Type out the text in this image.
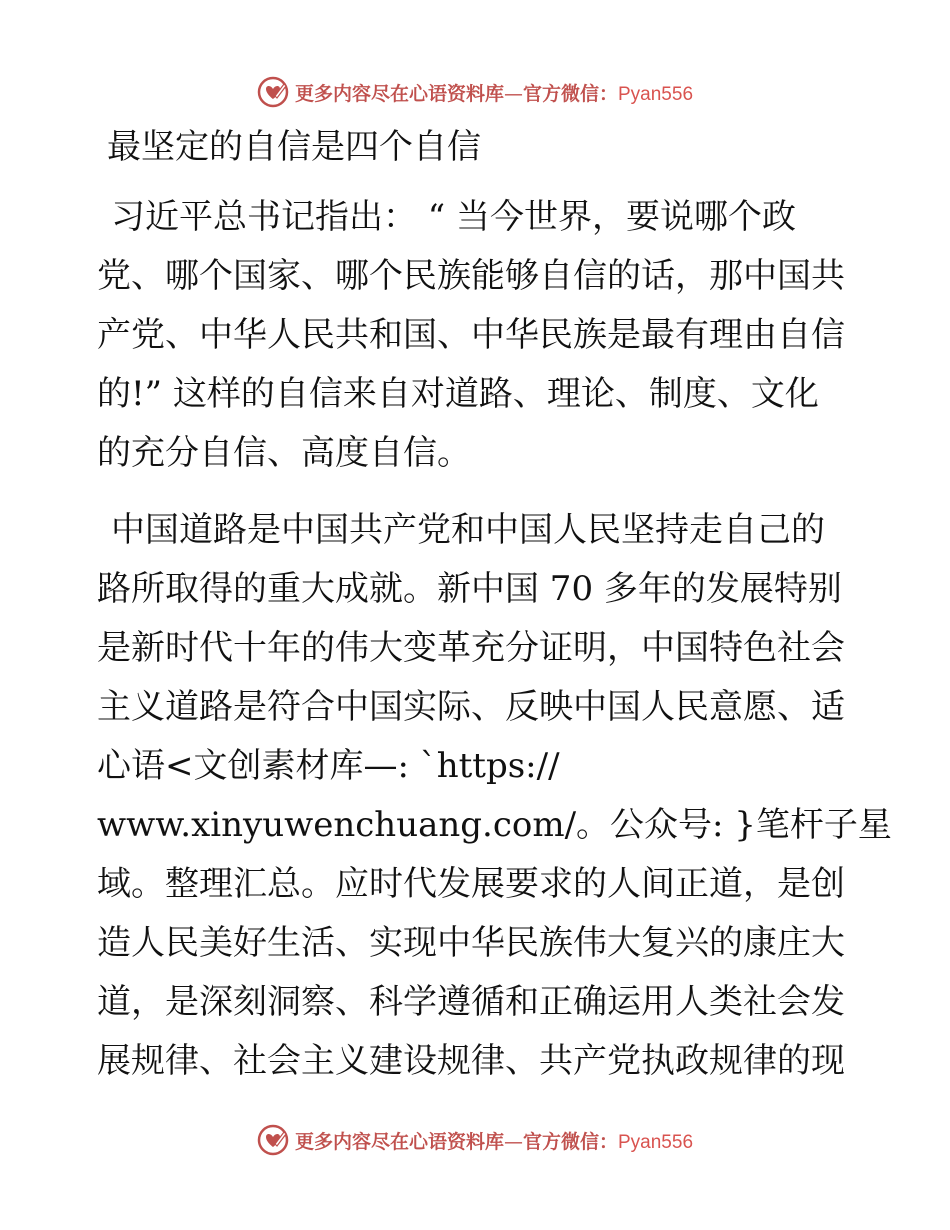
更多内容尽在心语资料库—官方微信：Pyan556
最坚定的自信是四个自信
习近平总书记指出： “ 当今世界，要说哪个政
党、哪个国家、哪个民族能够自信的话，那中国共
产党、中华人民共和国、中华民族是最有理由自信
的!” 这样的自信来自对道路、理论、制度、文化
的充分自信、高度自信。
中国道路是中国共产党和中国人民坚持走自己的
路所取得的重大成就。新中国 70 多年的发展特别
是新时代十年的伟大变革充分证明，中国特色社会
主义道路是符合中国实际、反映中国人民意愿、适
心语<文创素材库—: `https://
www.xinyuwenchuang.com/。公众号: }笔杆子星
域。整理汇总。应时代发展要求的人间正道，是创
造人民美好生活、实现中华民族伟大复兴的康庄大
道，是深刻洞察、科学遵循和正确运用人类社会发
展规律、社会主义建设规律、共产党执政规律的现
更多内容尽在心语资料库—官方微信：Pyan556
